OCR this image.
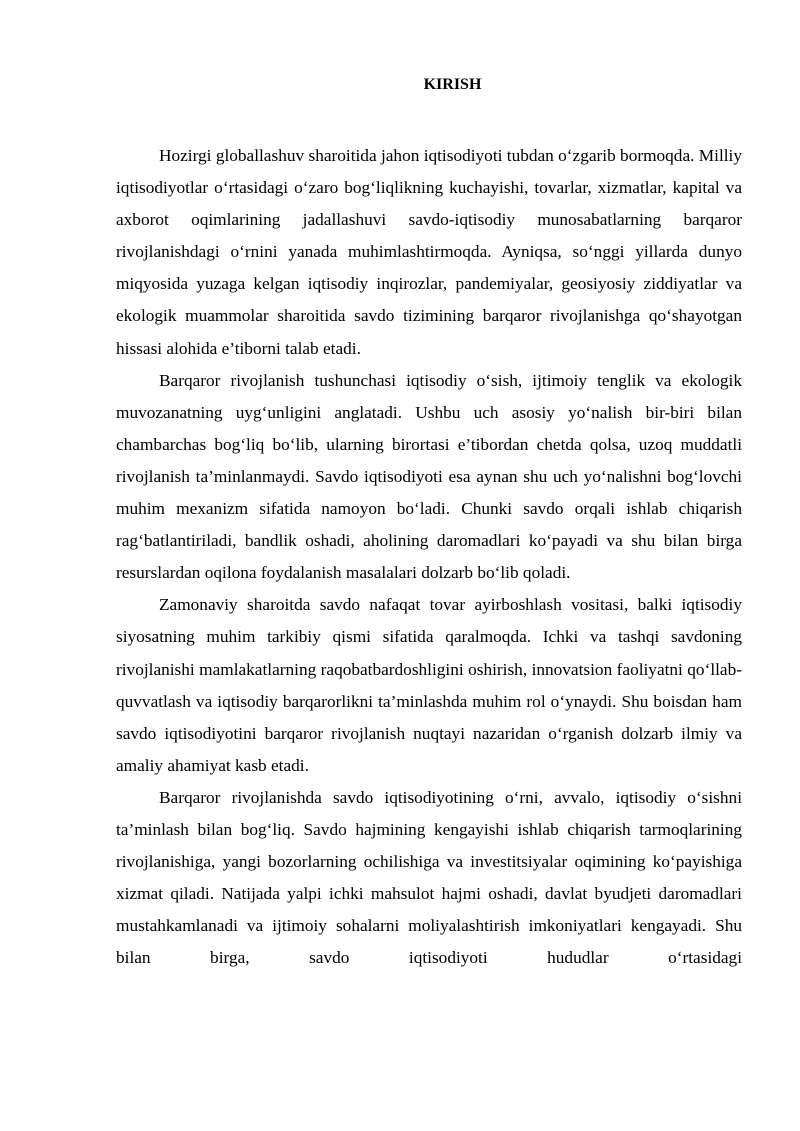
KIRISH

Hozirgi globallashuv sharoitida jahon iqtisodiyoti tubdan o‘zgarib bormoqda. Milliy iqtisodiyotlar o‘rtasidagi o‘zaro bog‘liqlikning kuchayishi, tovarlar, xizmatlar, kapital va axborot oqimlarining jadallashuvi savdo-iqtisodiy munosabatlarning barqaror rivojlanishdagi o‘rnini yanada muhimlashtirmoqda. Ayniqsa, so‘nggi yillarda dunyo miqyosida yuzaga kelgan iqtisodiy inqirozlar, pandemiyalar, geosiyosiy ziddiyatlar va ekologik muammolar sharoitida savdo tizimining barqaror rivojlanishga qo‘shayotgan hissasi alohida e’tiborni talab etadi.

Barqaror rivojlanish tushunchasi iqtisodiy o‘sish, ijtimoiy tenglik va ekologik muvozanatning uyg‘unligini anglatadi. Ushbu uch asosiy yo‘nalish bir-biri bilan chambarchas bog‘liq bo‘lib, ularning birortasi e’tibordan chetda qolsa, uzoq muddatli rivojlanish ta’minlanmaydi. Savdo iqtisodiyoti esa aynan shu uch yo‘nalishni bog‘lovchi muhim mexanizm sifatida namoyon bo‘ladi. Chunki savdo orqali ishlab chiqarish rag‘batlantiriladi, bandlik oshadi, aholining daromadlari ko‘payadi va shu bilan birga resurslardan oqilona foydalanish masalalari dolzarb bo‘lib qoladi.

Zamonaviy sharoitda savdo nafaqat tovar ayirboshlash vositasi, balki iqtisodiy siyosatning muhim tarkibiy qismi sifatida qaralmoqda. Ichki va tashqi savdoning rivojlanishi mamlakatlarning raqobatbardoshligini oshirish, innovatsion faoliyatni qo‘llab-quvvatlash va iqtisodiy barqarorlikni ta’minlashda muhim rol o‘ynaydi. Shu boisdan ham savdo iqtisodiyotini barqaror rivojlanish nuqtayi nazaridan o‘rganish dolzarb ilmiy va amaliy ahamiyat kasb etadi.

Barqaror rivojlanishda savdo iqtisodiyotining o‘rni, avvalo, iqtisodiy o‘sishni ta’minlash bilan bog‘liq. Savdo hajmining kengayishi ishlab chiqarish tarmoqlarining rivojlanishiga, yangi bozorlarning ochilishiga va investitsiyalar oqimining ko‘payishiga xizmat qiladi. Natijada yalpi ichki mahsulot hajmi oshadi, davlat byudjeti daromadlari mustahkamlanadi va ijtimoiy sohalarni moliyalashtirish imkoniyatlari kengayadi. Shu bilan birga, savdo iqtisodiyoti hududlar o‘rtasidagi
